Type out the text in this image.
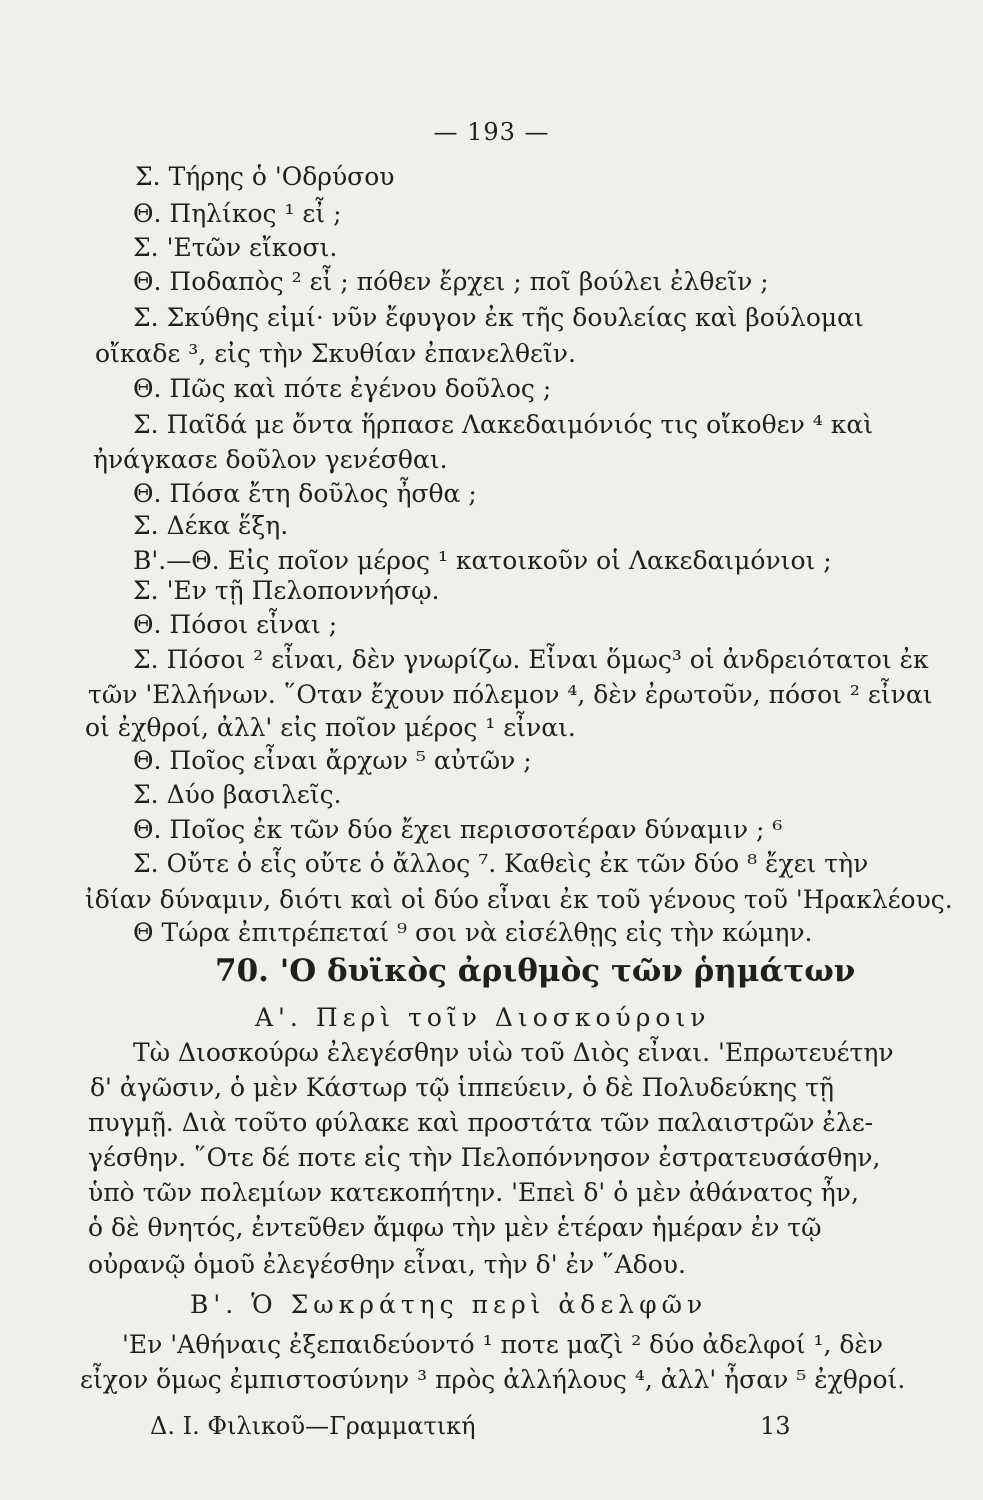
— 193 —
Σ. Τήρης ὁ 'Οδρύσου
Θ. Πηλίκος ¹ εἶ ;
Σ. 'Ετῶν εἴκοσι.
Θ. Ποδαπὸς ² εἶ ; πόθεν ἔρχει ; ποῖ βούλει ἐλθεῖν ;
Σ. Σκύθης εἰμί· νῦν ἔφυγον ἐκ τῆς δουλείας καὶ βούλομαι
οἴκαδε ³, εἰς τὴν Σκυθίαν ἐπανελθεῖν.
Θ. Πῶς καὶ πότε ἐγένου δοῦλος ;
Σ. Παῖδά με ὄντα ἥρπασε Λακεδαιμόνιός τις οἴκοθεν ⁴ καὶ
ἠνάγκασε δοῦλον γενέσθαι.
Θ. Πόσα ἔτη δοῦλος ἦσθα ;
Σ. Δέκα ἕξη.
Β'.—Θ. Εἰς ποῖον μέρος ¹ κατοικοῦν οἱ Λακεδαιμόνιοι ;
Σ. 'Εν τῇ Πελοποννήσῳ.
Θ. Πόσοι εἶναι ;
Σ. Πόσοι ² εἶναι, δὲν γνωρίζω. Εἶναι ὅμως³ οἱ ἀνδρειότατοι ἐκ
τῶν 'Ελλήνων. ῞Οταν ἔχουν πόλεμον ⁴, δὲν ἐρωτοῦν, πόσοι ² εἶναι
οἱ ἐχθροί, ἀλλ' εἰς ποῖον μέρος ¹ εἶναι.
Θ. Ποῖος εἶναι ἄρχων ⁵ αὐτῶν ;
Σ. Δύο βασιλεῖς.
Θ. Ποῖος ἐκ τῶν δύο ἔχει περισσοτέραν δύναμιν ; ⁶
Σ. Οὔτε ὁ εἷς οὔτε ὁ ἄλλος ⁷. Καθεὶς ἐκ τῶν δύο ⁸ ἔχει τὴν
ἰδίαν δύναμιν, διότι καὶ οἱ δύο εἶναι ἐκ τοῦ γένους τοῦ 'Ηρακλέους.
Θ Τώρα ἐπιτρέπεταί ⁹ σοι νὰ εἰσέλθῃς εἰς τὴν κώμην.
70. 'Ο δυϊκὸς ἀριθμὸς τῶν ῥημάτων
Α'. Περὶ τοῖν Διοσκούροιν
Τὼ Διοσκούρω ἐλεγέσθην υἱὼ τοῦ Διὸς εἶναι. 'Επρωτευέτην
δ' ἀγῶσιν, ὁ μὲν Κάστωρ τῷ ἱππεύειν, ὁ δὲ Πολυδεύκης τῇ
πυγμῇ. Διὰ τοῦτο φύλακε καὶ προστάτα τῶν παλαιστρῶν ἐλε-
γέσθην. ῞Οτε δέ ποτε εἰς τὴν Πελοπόννησον ἐστρατευσάσθην,
ὑπὸ τῶν πολεμίων κατεκοπήτην. 'Επεὶ δ' ὁ μὲν ἀθάνατος ἦν,
ὁ δὲ θνητός, ἐντεῦθεν ἄμφω τὴν μὲν ἑτέραν ἡμέραν ἐν τῷ
οὐρανῷ ὁμοῦ ἐλεγέσθην εἶναι, τὴν δ' ἐν ῞Αδου.
Β'. Ὁ Σωκράτης περὶ ἀδελφῶν
'Εν 'Αθήναις ἐξεπαιδεύοντό ¹ ποτε μαζὶ ² δύο ἀδελφοί ¹, δὲν
εἶχον ὅμως ἐμπιστοσύνην ³ πρὸς ἀλλήλους ⁴, ἀλλ' ἦσαν ⁵ ἐχθροί.
Δ. Ι. Φιλικοῦ—Γραμματική	13
